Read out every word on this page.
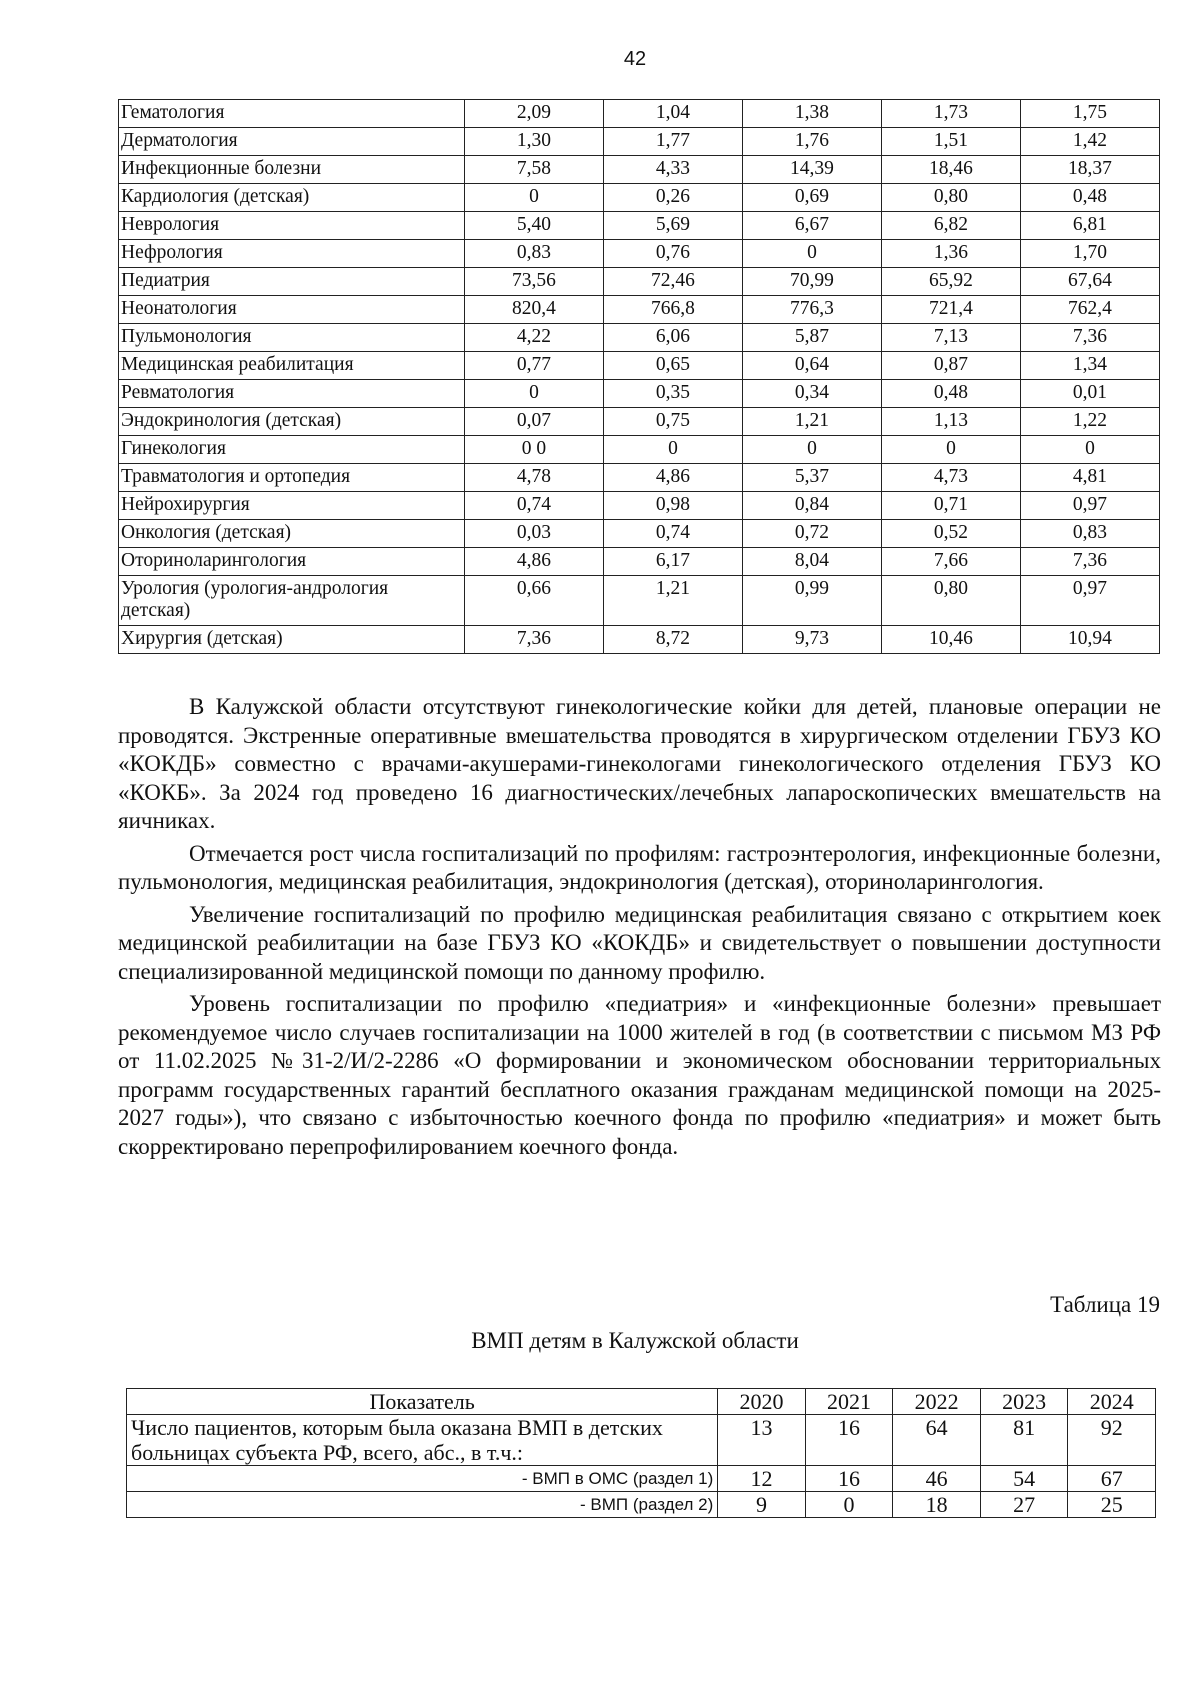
42
Гематология	2,09	1,04	1,38	1,73	1,75
Дерматология	1,30	1,77	1,76	1,51	1,42
Инфекционные болезни	7,58	4,33	14,39	18,46	18,37
Кардиология (детская)	0	0,26	0,69	0,80	0,48
Неврология	5,40	5,69	6,67	6,82	6,81
Нефрология	0,83	0,76	0	1,36	1,70
Педиатрия	73,56	72,46	70,99	65,92	67,64
Неонатология	820,4	766,8	776,3	721,4	762,4
Пульмонология	4,22	6,06	5,87	7,13	7,36
Медицинская реабилитация	0,77	0,65	0,64	0,87	1,34
Ревматология	0	0,35	0,34	0,48	0,01
Эндокринология (детская)	0,07	0,75	1,21	1,13	1,22
Гинекология	0 0	0	0	0	0
Травматология и ортопедия	4,78	4,86	5,37	4,73	4,81
Нейрохирургия	0,74	0,98	0,84	0,71	0,97
Онкология (детская)	0,03	0,74	0,72	0,52	0,83
Оториноларингология	4,86	6,17	8,04	7,66	7,36
Урология (урология-андрология детская)	0,66	1,21	0,99	0,80	0,97
Хирургия (детская)	7,36	8,72	9,73	10,46	10,94

В Калужской области отсутствуют гинекологические койки для детей, плановые операции не проводятся. Экстренные оперативные вмешательства проводятся в хирургическом отделении ГБУЗ КО «КОКДБ» совместно с врачами-акушерами-гинекологами гинекологического отделения ГБУЗ КО «КОКБ». За 2024 год проведено 16 диагностических/лечебных лапароскопических вмешательств на яичниках.

Отмечается рост числа госпитализаций по профилям: гастроэнтерология, инфекционные болезни, пульмонология, медицинская реабилитация, эндокринология (детская), оториноларингология.

Увеличение госпитализаций по профилю медицинская реабилитация связано с открытием коек медицинской реабилитации на базе ГБУЗ КО «КОКДБ» и свидетельствует о повышении доступности специализированной медицинской помощи по данному профилю.

Уровень госпитализации по профилю «педиатрия» и «инфекционные болезни» превышает рекомендуемое число случаев госпитализации на 1000 жителей в год (в соответствии с письмом МЗ РФ от 11.02.2025 №31-2/И/2-2286 «О формировании и экономическом обосновании территориальных программ государственных гарантий бесплатного оказания гражданам медицинской помощи на 2025-2027 годы»), что связано с избыточностью коечного фонда по профилю «педиатрия» и может быть скорректировано перепрофилированием коечного фонда.

Таблица 19
ВМП детям в Калужской области
Показатель	2020	2021	2022	2023	2024
Число пациентов, которым была оказана ВМП в детских больницах субъекта РФ, всего, абс., в т.ч.:	13	16	64	81	92
- ВМП в ОМС (раздел 1)	12	16	46	54	67
- ВМП (раздел 2)	9	0	18	27	25
